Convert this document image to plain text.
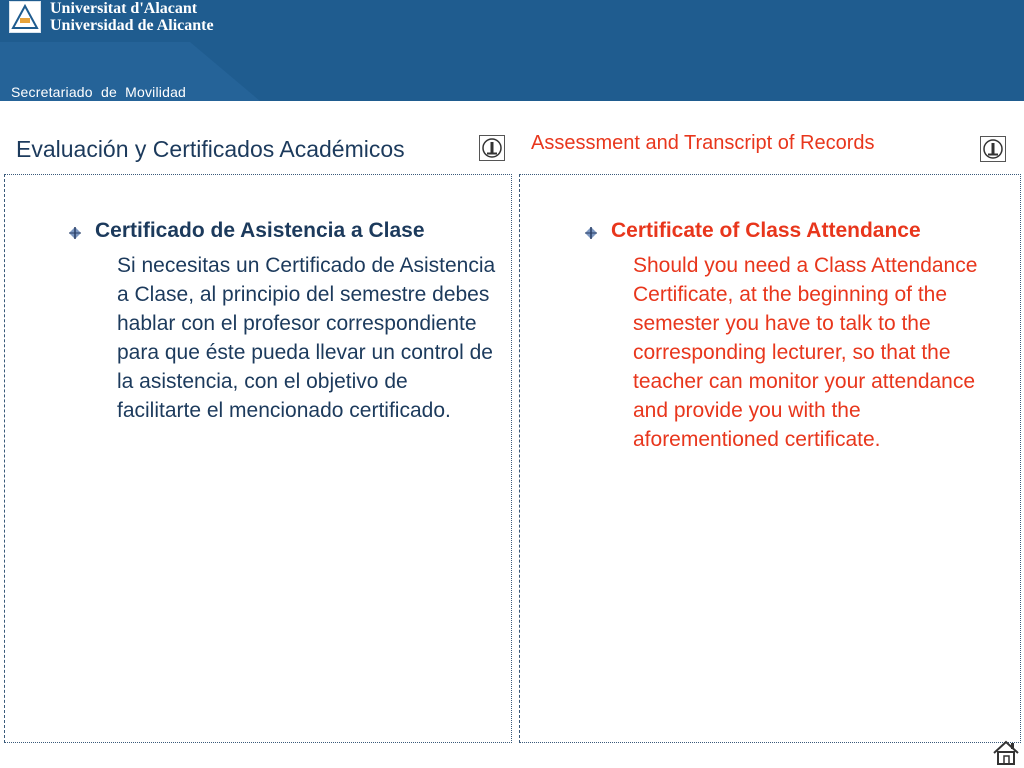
Universitat d'Alacant
Universidad de Alicante
Secretariado  de  Movilidad
Evaluación y Certificados Académicos	Assessment and Transcript of Records
Certificado de Asistencia a Clase
Si necesitas un Certificado de Asistencia a Clase, al principio del semestre debes hablar con el profesor correspondiente para que éste pueda llevar un control de la asistencia, con el objetivo de facilitarte el mencionado certificado.
Certificate of Class Attendance
Should you need a Class Attendance Certificate, at the beginning of the semester you have to talk to the corresponding lecturer, so that the teacher can monitor your attendance and provide you with the aforementioned certificate.
